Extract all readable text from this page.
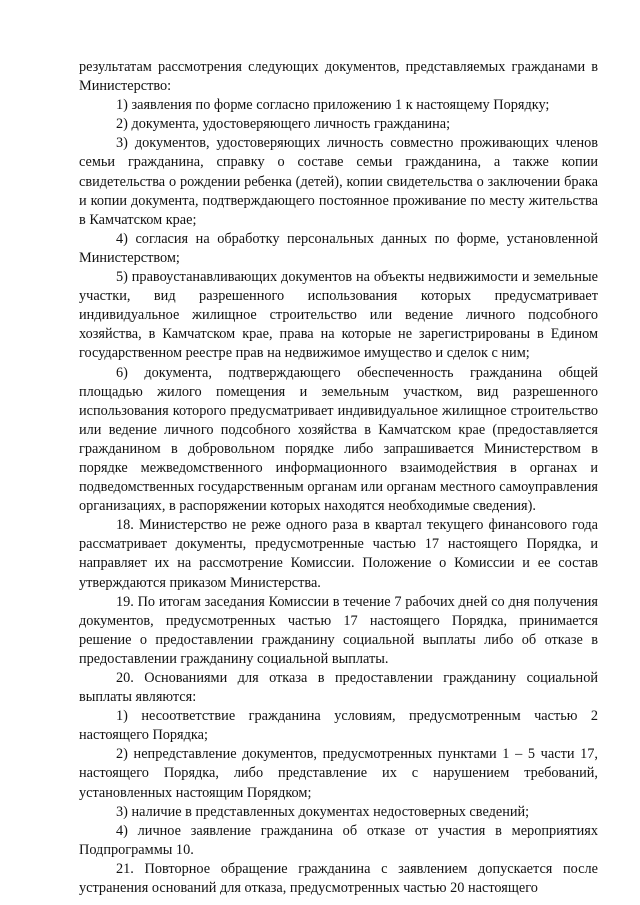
результатам рассмотрения следующих документов, представляемых гражданами в Министерство:

1) заявления по форме согласно приложению 1 к настоящему Порядку;

2) документа, удостоверяющего личность гражданина;

3) документов, удостоверяющих личность совместно проживающих членов семьи гражданина, справку о составе семьи гражданина, а также копии свидетельства о рождении ребенка (детей), копии свидетельства о заключении брака и копии документа, подтверждающего постоянное проживание по месту жительства в Камчатском крае;

4) согласия на обработку персональных данных по форме, установленной Министерством;

5) правоустанавливающих документов на объекты недвижимости и земельные участки, вид разрешенного использования которых предусматривает индивидуальное жилищное строительство или ведение личного подсобного хозяйства, в Камчатском крае, права на которые не зарегистрированы в Едином государственном реестре прав на недвижимое имущество и сделок с ним;

6) документа, подтверждающего обеспеченность гражданина общей площадью жилого помещения и земельным участком, вид разрешенного использования которого предусматривает индивидуальное жилищное строительство или ведение личного подсобного хозяйства в Камчатском крае (предоставляется гражданином в добровольном порядке либо запрашивается Министерством в порядке межведомственного информационного взаимодействия в органах и подведомственных государственным органам или органам местного самоуправления организациях, в распоряжении которых находятся необходимые сведения).

18. Министерство не реже одного раза в квартал текущего финансового года рассматривает документы, предусмотренные частью 17 настоящего Порядка, и направляет их на рассмотрение Комиссии. Положение о Комиссии и ее состав утверждаются приказом Министерства.

19. По итогам заседания Комиссии в течение 7 рабочих дней со дня получения документов, предусмотренных частью 17 настоящего Порядка, принимается решение о предоставлении гражданину социальной выплаты либо об отказе в предоставлении гражданину социальной выплаты.

20. Основаниями для отказа в предоставлении гражданину социальной выплаты являются:

1) несоответствие гражданина условиям, предусмотренным частью 2 настоящего Порядка;

2) непредставление документов, предусмотренных пунктами 1 – 5 части 17, настоящего Порядка, либо представление их с нарушением требований, установленных настоящим Порядком;

3) наличие в представленных документах недостоверных сведений;

4) личное заявление гражданина об отказе от участия в мероприятиях Подпрограммы 10.

21. Повторное обращение гражданина с заявлением допускается после устранения оснований для отказа, предусмотренных частью 20 настоящего
